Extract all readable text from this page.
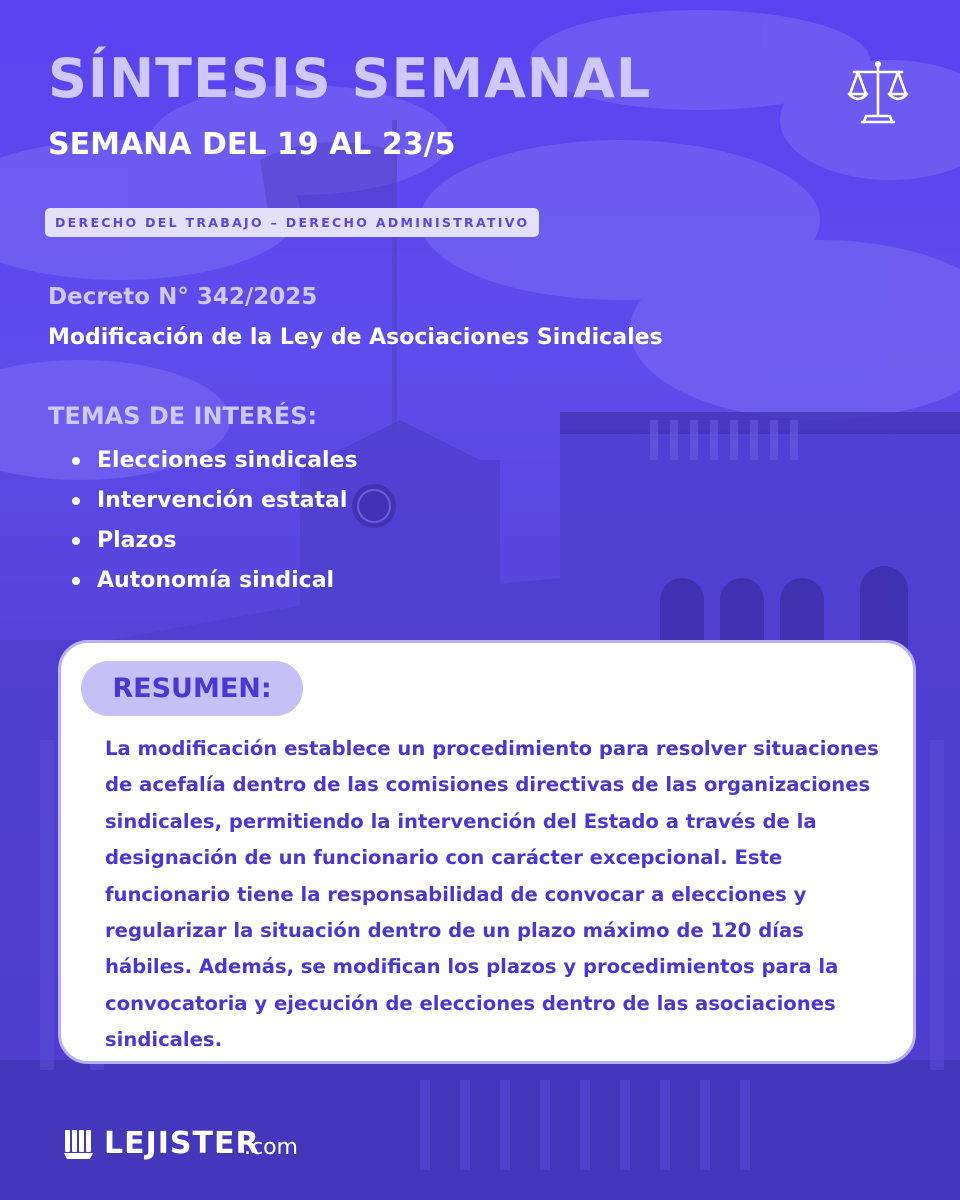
SÍNTESIS SEMANAL
SEMANA DEL 19 AL 23/5
DERECHO DEL TRABAJO – DERECHO ADMINISTRATIVO

Decreto N° 342/2025

Modificación de la Ley de Asociaciones Sindicales

TEMAS DE INTERÉS:

Elecciones sindicales
Intervención estatal
Plazos
Autonomía sindical
RESUMEN:

La modificación establece un procedimiento para resolver situaciones de acefalía dentro de las comisiones directivas de las organizaciones sindicales, permitiendo la intervención del Estado a través de la designación de un funcionario con carácter excepcional. Este funcionario tiene la responsabilidad de convocar a elecciones y regularizar la situación dentro de un plazo máximo de 120 días hábiles. Además, se modifican los plazos y procedimientos para la convocatoria y ejecución de elecciones dentro de las asociaciones sindicales.

LEJISTER
.com
